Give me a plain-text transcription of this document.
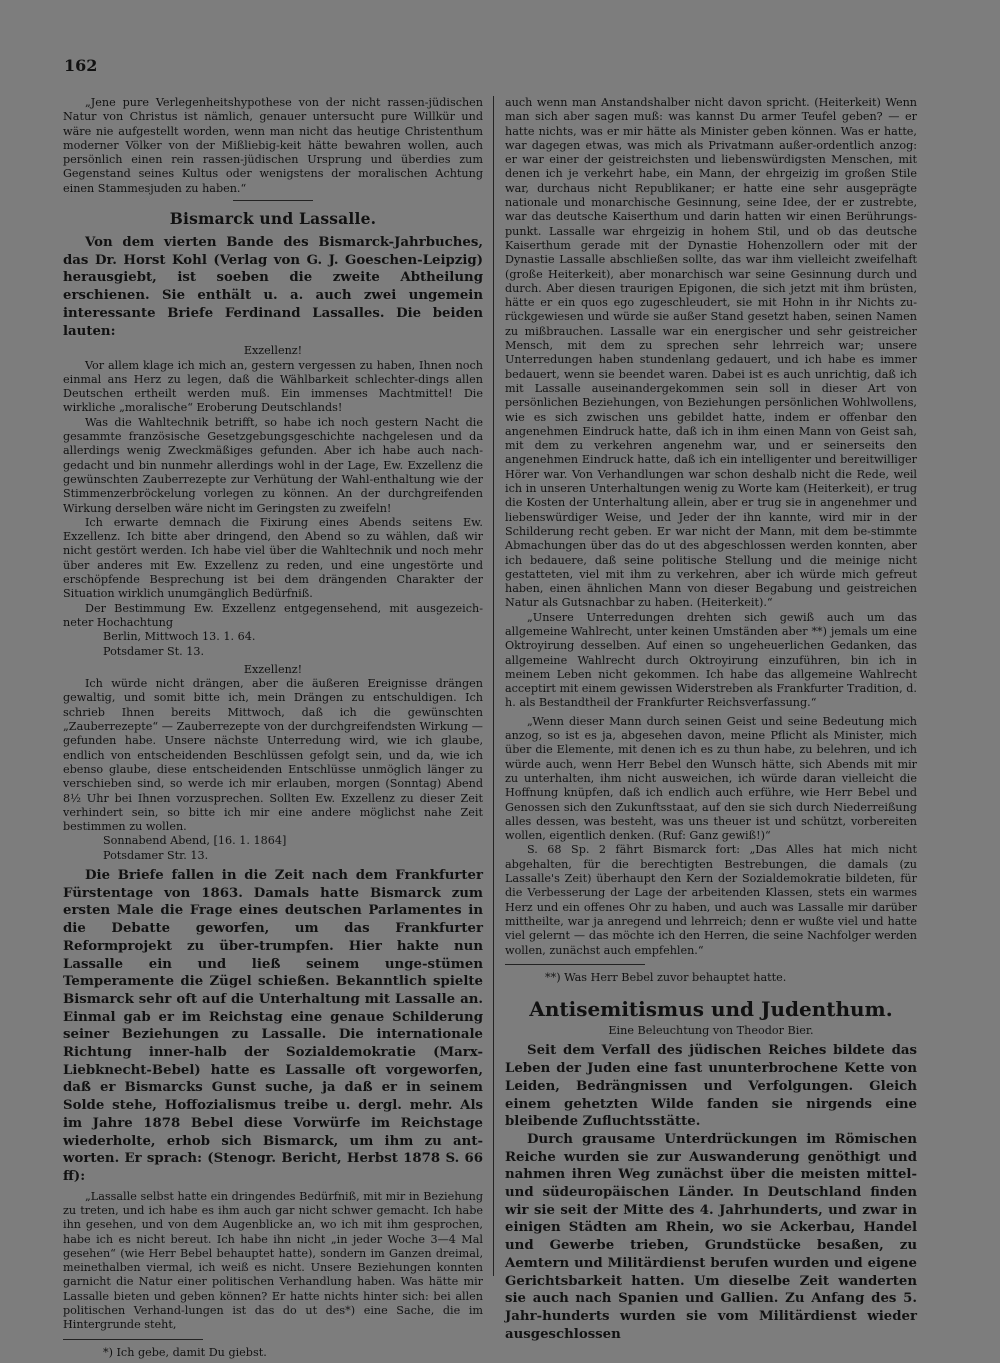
162

„Jene pure Verlegenheitshypothese von der nicht rassen-jüdischen Natur von Christus ist nämlich, genauer untersucht pure Willkür und wäre nie aufgestellt worden, wenn man nicht das heutige Christenthum moderner Völker von der Mißliebig-keit hätte bewahren wollen, auch persönlich einen rein rassen-jüdischen Ursprung und überdies zum Gegenstand seines Kultus oder wenigstens der moralischen Achtung einen Stammesjuden zu haben.“

Bismarck und Lassalle.

Von dem vierten Bande des Bismarck-Jahrbuches, das Dr. Horst Kohl (Verlag von G. J. Goeschen-Leipzig) herausgiebt, ist soeben die zweite Abtheilung erschienen. Sie enthält u. a. auch zwei ungemein interessante Briefe Ferdinand Lassalles. Die beiden lauten:

Exzellenz!

Vor allem klage ich mich an, gestern vergessen zu haben, Ihnen noch einmal ans Herz zu legen, daß die Wählbarkeit schlechter-dings allen Deutschen ertheilt werden muß. Ein immenses Machtmittel! Die wirkliche „moralische“ Eroberung Deutschlands!

Was die Wahltechnik betrifft, so habe ich noch gestern Nacht die gesammte französische Gesetzgebungsgeschichte nachgelesen und da allerdings wenig Zweckmäßiges gefunden. Aber ich habe auch nach-gedacht und bin nunmehr allerdings wohl in der Lage, Ew. Exzellenz die gewünschten Zauberrezepte zur Verhütung der Wahl-enthaltung wie der Stimmenzerbröckelung vorlegen zu können. An der durchgreifenden Wirkung derselben wäre nicht im Geringsten zu zweifeln!

Ich erwarte demnach die Fixirung eines Abends seitens Ew. Exzellenz. Ich bitte aber dringend, den Abend so zu wählen, daß wir nicht gestört werden. Ich habe viel über die Wahltechnik und noch mehr über anderes mit Ew. Exzellenz zu reden, und eine ungestörte und erschöpfende Besprechung ist bei dem drängenden Charakter der Situation wirklich unumgänglich Bedürfniß.

Der Bestimmung Ew. Exzellenz entgegensehend, mit ausgezeich-neter Hochachtung

Berlin, Mittwoch 13. 1. 64.
Potsdamer St. 13.

Exzellenz!

Ich würde nicht drängen, aber die äußeren Ereignisse drängen gewaltig, und somit bitte ich, mein Drängen zu entschuldigen. Ich schrieb Ihnen bereits Mittwoch, daß ich die gewünschten „Zauberrezepte“ — Zauberrezepte von der durchgreifendsten Wirkung — gefunden habe. Unsere nächste Unterredung wird, wie ich glaube, endlich von entscheidenden Beschlüssen gefolgt sein, und da, wie ich ebenso glaube, diese entscheidenden Entschlüsse unmöglich länger zu verschieben sind, so werde ich mir erlauben, morgen (Sonntag) Abend 8½ Uhr bei Ihnen vorzusprechen. Sollten Ew. Exzellenz zu dieser Zeit verhindert sein, so bitte ich mir eine andere möglichst nahe Zeit bestimmen zu wollen.

Sonnabend Abend, [16. 1. 1864]
Potsdamer Str. 13.

Die Briefe fallen in die Zeit nach dem Frankfurter Fürstentage von 1863. Damals hatte Bismarck zum ersten Male die Frage eines deutschen Parlamentes in die Debatte geworfen, um das Frankfurter Reformprojekt zu über-trumpfen. Hier hakte nun Lassalle ein und ließ seinem unge-stümen Temperamente die Zügel schießen. Bekanntlich spielte Bismarck sehr oft auf die Unterhaltung mit Lassalle an. Einmal gab er im Reichstag eine genaue Schilderung seiner Beziehungen zu Lassalle. Die internationale Richtung inner-halb der Sozialdemokratie (Marx-Liebknecht-Bebel) hatte es Lassalle oft vorgeworfen, daß er Bismarcks Gunst suche, ja daß er in seinem Solde stehe, Hoffozialismus treibe u. dergl. mehr. Als im Jahre 1878 Bebel diese Vorwürfe im Reichstage wiederholte, erhob sich Bismarck, um ihm zu ant-worten. Er sprach: (Stenogr. Bericht, Herbst 1878 S. 66 ff):

„Lassalle selbst hatte ein dringendes Bedürfniß, mit mir in Beziehung zu treten, und ich habe es ihm auch gar nicht schwer gemacht. Ich habe ihn gesehen, und von dem Augenblicke an, wo ich mit ihm gesprochen, habe ich es nicht bereut. Ich habe ihn nicht „in jeder Woche 3—4 Mal gesehen“ (wie Herr Bebel behauptet hatte), sondern im Ganzen dreimal, meinethalben viermal, ich weiß es nicht. Unsere Beziehungen konnten garnicht die Natur einer politischen Verhandlung haben. Was hätte mir Lassalle bieten und geben können? Er hatte nichts hinter sich: bei allen politischen Verhand-lungen ist das do ut des*) eine Sache, die im Hintergrunde steht,

*) Ich gebe, damit Du giebst.

auch wenn man Anstandshalber nicht davon spricht. (Heiterkeit) Wenn man sich aber sagen muß: was kannst Du armer Teufel geben? — er hatte nichts, was er mir hätte als Minister geben können. Was er hatte, war dagegen etwas, was mich als Privatmann außer-ordentlich anzog: er war einer der geistreichsten und liebenswürdigsten Menschen, mit denen ich je verkehrt habe, ein Mann, der ehrgeizig im großen Stile war, durchaus nicht Republikaner; er hatte eine sehr ausgeprägte nationale und monarchische Gesinnung, seine Idee, der er zustrebte, war das deutsche Kaiserthum und darin hatten wir einen Berührungs-punkt. Lassalle war ehrgeizig in hohem Stil, und ob das deutsche Kaiserthum gerade mit der Dynastie Hohenzollern oder mit der Dynastie Lassalle abschließen sollte, das war ihm vielleicht zweifelhaft (große Heiterkeit), aber monarchisch war seine Gesinnung durch und durch. Aber diesen traurigen Epigonen, die sich jetzt mit ihm brüsten, hätte er ein quos ego zugeschleudert, sie mit Hohn in ihr Nichts zu-rückgewiesen und würde sie außer Stand gesetzt haben, seinen Namen zu mißbrauchen. Lassalle war ein energischer und sehr geistreicher Mensch, mit dem zu sprechen sehr lehrreich war; unsere Unterredungen haben stundenlang gedauert, und ich habe es immer bedauert, wenn sie beendet waren. Dabei ist es auch unrichtig, daß ich mit Lassalle auseinandergekommen sein soll in dieser Art von persönlichen Beziehungen, von Beziehungen persönlichen Wohlwollens, wie es sich zwischen uns gebildet hatte, indem er offenbar den angenehmen Eindruck hatte, daß ich in ihm einen Mann von Geist sah, mit dem zu verkehren angenehm war, und er seinerseits den angenehmen Eindruck hatte, daß ich ein intelligenter und bereitwilliger Hörer war. Von Verhandlungen war schon deshalb nicht die Rede, weil ich in unseren Unterhaltungen wenig zu Worte kam (Heiterkeit), er trug die Kosten der Unterhaltung allein, aber er trug sie in angenehmer und liebenswürdiger Weise, und Jeder der ihn kannte, wird mir in der Schilderung recht geben. Er war nicht der Mann, mit dem be-stimmte Abmachungen über das do ut des abgeschlossen werden konnten, aber ich bedauere, daß seine politische Stellung und die meinige nicht gestatteten, viel mit ihm zu verkehren, aber ich würde mich gefreut haben, einen ähnlichen Mann von dieser Begabung und geistreichen Natur als Gutsnachbar zu haben. (Heiterkeit).“

„Unsere Unterredungen drehten sich gewiß auch um das allgemeine Wahlrecht, unter keinen Umständen aber **) jemals um eine Oktroyirung desselben. Auf einen so ungeheuerlichen Gedanken, das allgemeine Wahlrecht durch Oktroyirung einzuführen, bin ich in meinem Leben nicht gekommen. Ich habe das allgemeine Wahlrecht acceptirt mit einem gewissen Widerstreben als Frankfurter Tradition, d. h. als Bestandtheil der Frankfurter Reichsverfassung.“

„Wenn dieser Mann durch seinen Geist und seine Bedeutung mich anzog, so ist es ja, abgesehen davon, meine Pflicht als Minister, mich über die Elemente, mit denen ich es zu thun habe, zu belehren, und ich würde auch, wenn Herr Bebel den Wunsch hätte, sich Abends mit mir zu unterhalten, ihm nicht ausweichen, ich würde daran vielleicht die Hoffnung knüpfen, daß ich endlich auch erführe, wie Herr Bebel und Genossen sich den Zukunftsstaat, auf den sie sich durch Niederreißung alles dessen, was besteht, was uns theuer ist und schützt, vorbereiten wollen, eigentlich denken. (Ruf: Ganz gewiß!)“

S. 68 Sp. 2 fährt Bismarck fort: „Das Alles hat mich nicht abgehalten, für die berechtigten Bestrebungen, die damals (zu Lassalle's Zeit) überhaupt den Kern der Sozialdemokratie bildeten, für die Verbesserung der Lage der arbeitenden Klassen, stets ein warmes Herz und ein offenes Ohr zu haben, und auch was Lassalle mir darüber mittheilte, war ja anregend und lehrreich; denn er wußte viel und hatte viel gelernt — das möchte ich den Herren, die seine Nachfolger werden wollen, zunächst auch empfehlen.“

**) Was Herr Bebel zuvor behauptet hatte.
Antisemitismus und Judenthum.

Eine Beleuchtung von Theodor Bier.

Seit dem Verfall des jüdischen Reiches bildete das Leben der Juden eine fast ununterbrochene Kette von Leiden, Bedrängnissen und Verfolgungen. Gleich einem gehetzten Wilde fanden sie nirgends eine bleibende Zufluchtsstätte.

Durch grausame Unterdrückungen im Römischen Reiche wurden sie zur Auswanderung genöthigt und nahmen ihren Weg zunächst über die meisten mittel- und südeuropäischen Länder. In Deutschland finden wir sie seit der Mitte des 4. Jahrhunderts, und zwar in einigen Städten am Rhein, wo sie Ackerbau, Handel und Gewerbe trieben, Grundstücke besaßen, zu Aemtern und Militärdienst berufen wurden und eigene Gerichtsbarkeit hatten. Um dieselbe Zeit wanderten sie auch nach Spanien und Gallien. Zu Anfang des 5. Jahr-hunderts wurden sie vom Militärdienst wieder ausgeschlossen
